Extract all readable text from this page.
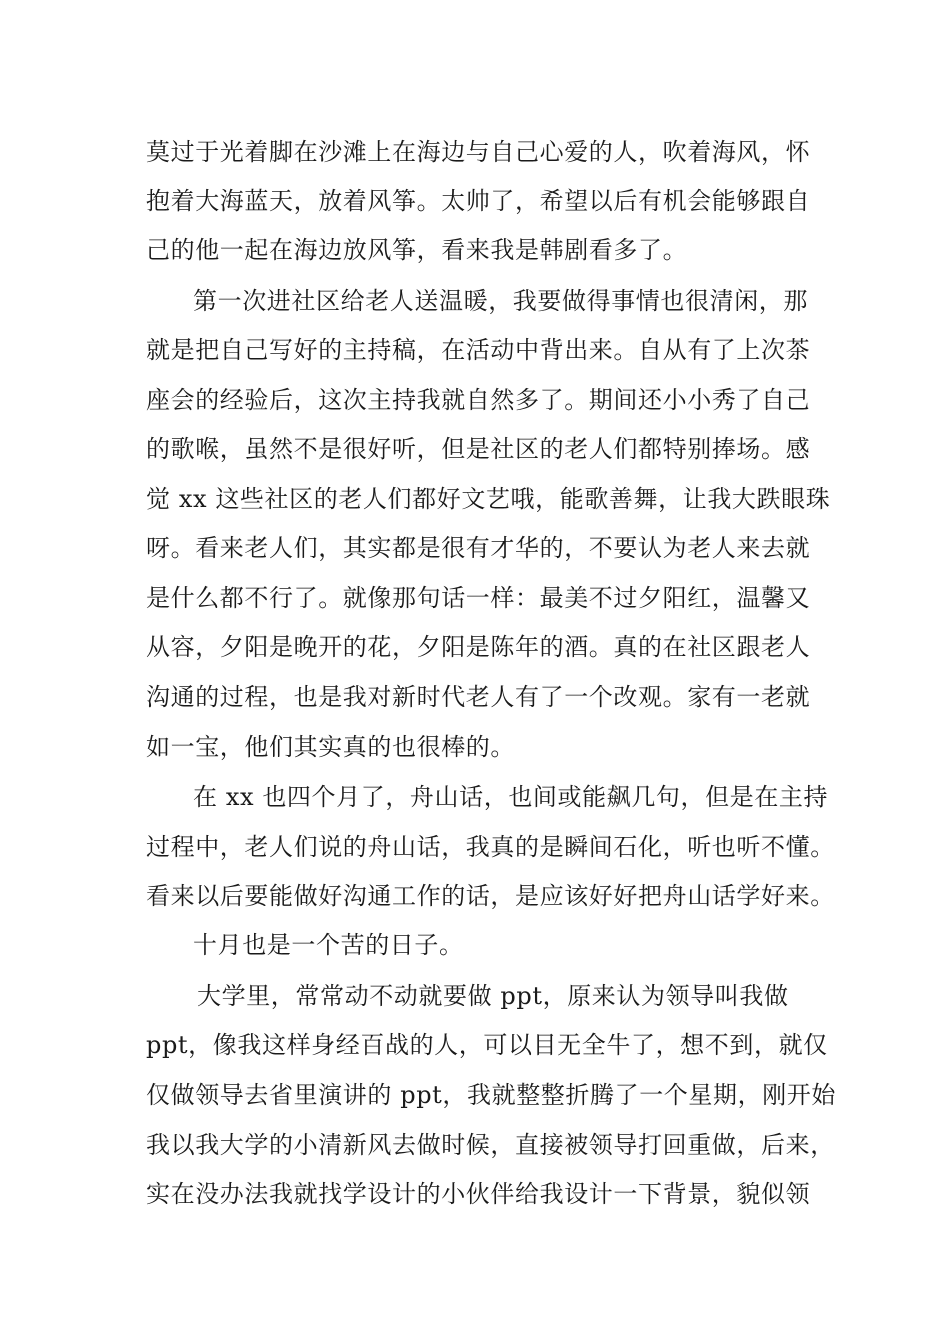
莫过于光着脚在沙滩上在海边与自己心爱的人，吹着海风，怀
抱着大海蓝天，放着风筝。太帅了，希望以后有机会能够跟自
己的他一起在海边放风筝，看来我是韩剧看多了。
第一次进社区给老人送温暖，我要做得事情也很清闲，那
就是把自己写好的主持稿，在活动中背出来。自从有了上次茶
座会的经验后，这次主持我就自然多了。期间还小小秀了自己
的歌喉，虽然不是很好听，但是社区的老人们都特别捧场。感
觉 xx 这些社区的老人们都好文艺哦，能歌善舞，让我大跌眼珠
呀。看来老人们，其实都是很有才华的，不要认为老人来去就
是什么都不行了。就像那句话一样：最美不过夕阳红，温馨又
从容，夕阳是晚开的花，夕阳是陈年的酒。真的在社区跟老人
沟通的过程，也是我对新时代老人有了一个改观。家有一老就
如一宝，他们其实真的也很棒的。
在 xx 也四个月了，舟山话，也间或能飙几句，但是在主持
过程中，老人们说的舟山话，我真的是瞬间石化，听也听不懂。
看来以后要能做好沟通工作的话，是应该好好把舟山话学好来。
十月也是一个苦的日子。
大学里，常常动不动就要做 ppt，原来认为领导叫我做
ppt，像我这样身经百战的人，可以目无全牛了，想不到，就仅
仅做领导去省里演讲的 ppt，我就整整折腾了一个星期，刚开始
我以我大学的小清新风去做时候，直接被领导打回重做，后来，
实在没办法我就找学设计的小伙伴给我设计一下背景，貌似领
